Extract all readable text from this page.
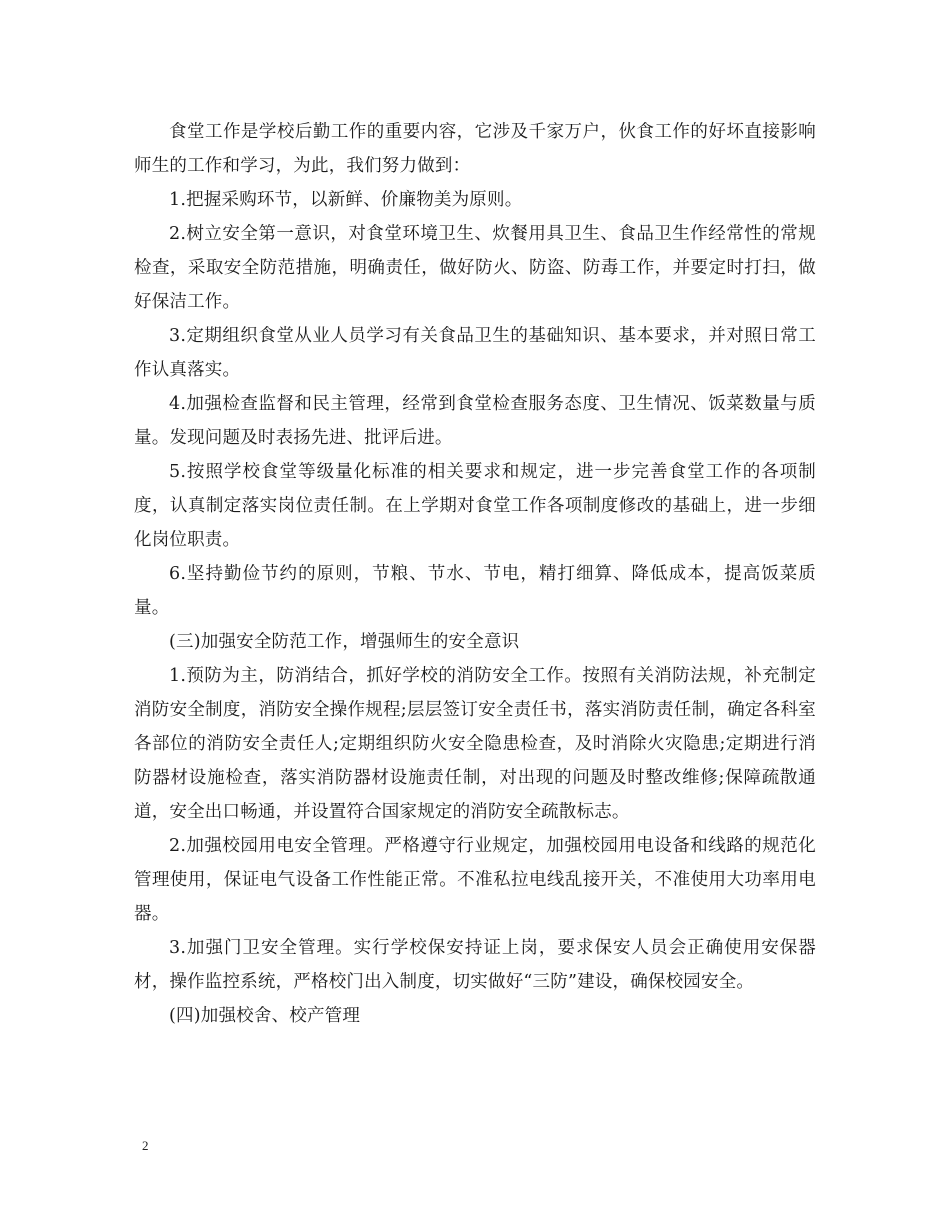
食堂工作是学校后勤工作的重要内容，它涉及千家万户，伙食工作的好坏直接影响师生的工作和学习，为此，我们努力做到：

1.把握采购环节，以新鲜、价廉物美为原则。

2.树立安全第一意识，对食堂环境卫生、炊餐用具卫生、食品卫生作经常性的常规检查，采取安全防范措施，明确责任，做好防火、防盗、防毒工作，并要定时打扫，做好保洁工作。

3.定期组织食堂从业人员学习有关食品卫生的基础知识、基本要求，并对照日常工作认真落实。

4.加强检查监督和民主管理，经常到食堂检查服务态度、卫生情况、饭菜数量与质量。发现问题及时表扬先进、批评后进。

5.按照学校食堂等级量化标准的相关要求和规定，进一步完善食堂工作的各项制度，认真制定落实岗位责任制。在上学期对食堂工作各项制度修改的基础上，进一步细化岗位职责。

6.坚持勤俭节约的原则，节粮、节水、节电，精打细算、降低成本，提高饭菜质量。

(三)加强安全防范工作，增强师生的安全意识

1.预防为主，防消结合，抓好学校的消防安全工作。按照有关消防法规，补充制定消防安全制度，消防安全操作规程;层层签订安全责任书，落实消防责任制，确定各科室各部位的消防安全责任人;定期组织防火安全隐患检查，及时消除火灾隐患;定期进行消防器材设施检查，落实消防器材设施责任制，对出现的问题及时整改维修;保障疏散通道，安全出口畅通，并设置符合国家规定的消防安全疏散标志。

2.加强校园用电安全管理。严格遵守行业规定，加强校园用电设备和线路的规范化管理使用，保证电气设备工作性能正常。不准私拉电线乱接开关，不准使用大功率用电器。

3.加强门卫安全管理。实行学校保安持证上岗，要求保安人员会正确使用安保器材，操作监控系统，严格校门出入制度，切实做好“三防”建设，确保校园安全。

(四)加强校舍、校产管理

2
